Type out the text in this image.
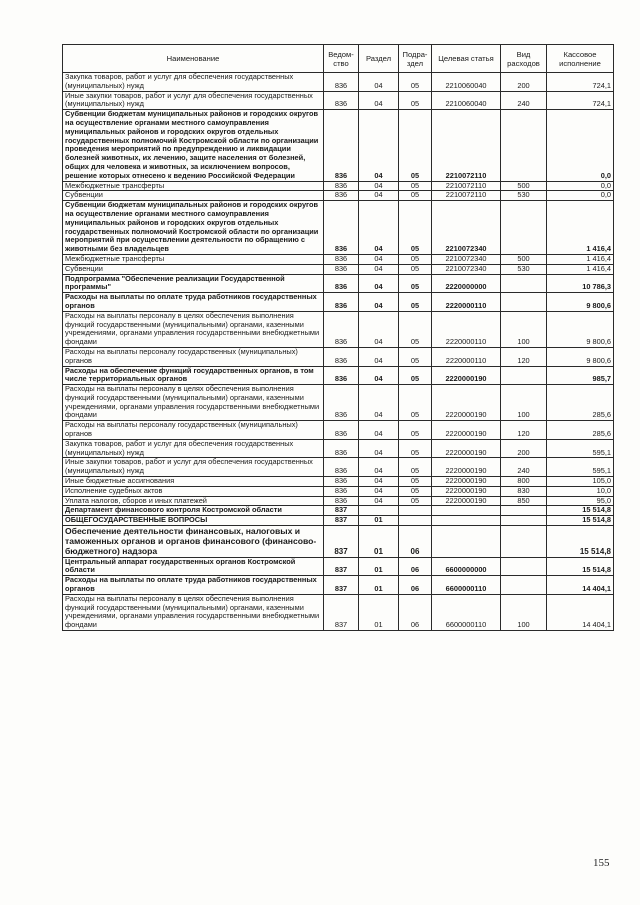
Наименование	Ведом- ство	Раздел	Подра- здел	Целевая статья	Вид расходов	Кассовое исполнение
Закупка товаров, работ и услуг для обеспечения государственных (муниципальных) нужд	836	04	05	2210060040	200	724,1
Иные закупки товаров, работ и услуг для обеспечения государственных (муниципальных) нужд	836	04	05	2210060040	240	724,1
Субвенции бюджетам муниципальных районов и городских округов на осуществление органами местного самоуправления муниципальных районов и городских округов отдельных государственных полномочий Костромской области по организации проведения мероприятий по предупреждению и ликвидации болезней животных, их лечению, защите населения от болезней, общих для человека и животных, за исключением вопросов, решение которых отнесено к ведению Российской Федерации	836	04	05	2210072110		0,0
Межбюджетные трансферты	836	04	05	2210072110	500	0,0
Субвенции	836	04	05	2210072110	530	0,0
Субвенции бюджетам муниципальных районов и городских округов на осуществление органами местного самоуправления муниципальных районов и городских округов отдельных государственных полномочий Костромской области по организации мероприятий при осуществлении деятельности по обращению с животными без владельцев	836	04	05	2210072340		1 416,4
Межбюджетные трансферты	836	04	05	2210072340	500	1 416,4
Субвенции	836	04	05	2210072340	530	1 416,4
Подпрограмма "Обеспечение реализации Государственной программы"	836	04	05	2220000000		10 786,3
Расходы на выплаты по оплате труда работников государственных органов	836	04	05	2220000110		9 800,6
Расходы на выплаты персоналу в целях обеспечения выполнения функций государственными (муниципальными) органами, казенными учреждениями, органами управления государственными внебюджетными фондами	836	04	05	2220000110	100	9 800,6
Расходы на выплаты персоналу государственных (муниципальных) органов	836	04	05	2220000110	120	9 800,6
Расходы на обеспечение функций государственных органов, в том числе территориальных органов	836	04	05	2220000190		985,7
Расходы на выплаты персоналу в целях обеспечения выполнения функций государственными (муниципальными) органами, казенными учреждениями, органами управления государственными внебюджетными фондами	836	04	05	2220000190	100	285,6
Расходы на выплаты персоналу государственных (муниципальных) органов	836	04	05	2220000190	120	285,6
Закупка товаров, работ и услуг для обеспечения государственных (муниципальных) нужд	836	04	05	2220000190	200	595,1
Иные закупки товаров, работ и услуг для обеспечения государственных (муниципальных) нужд	836	04	05	2220000190	240	595,1
Иные бюджетные ассигнования	836	04	05	2220000190	800	105,0
Исполнение судебных актов	836	04	05	2220000190	830	10,0
Уплата налогов, сборов и иных платежей	836	04	05	2220000190	850	95,0
Департамент финансового контроля Костромской области	837					15 514,8
ОБЩЕГОСУДАРСТВЕННЫЕ ВОПРОСЫ	837	01				15 514,8
Обеспечение деятельности финансовых, налоговых и таможенных органов и органов финансового (финансово-бюджетного) надзора	837	01	06			15 514,8
Центральный аппарат государственных органов Костромской области	837	01	06	6600000000		15 514,8
Расходы на выплаты по оплате труда работников государственных органов	837	01	06	6600000110		14 404,1
Расходы на выплаты персоналу в целях обеспечения выполнения функций государственными (муниципальными) органами, казенными учреждениями, органами управления государственными внебюджетными фондами	837	01	06	6600000110	100	14 404,1
155
